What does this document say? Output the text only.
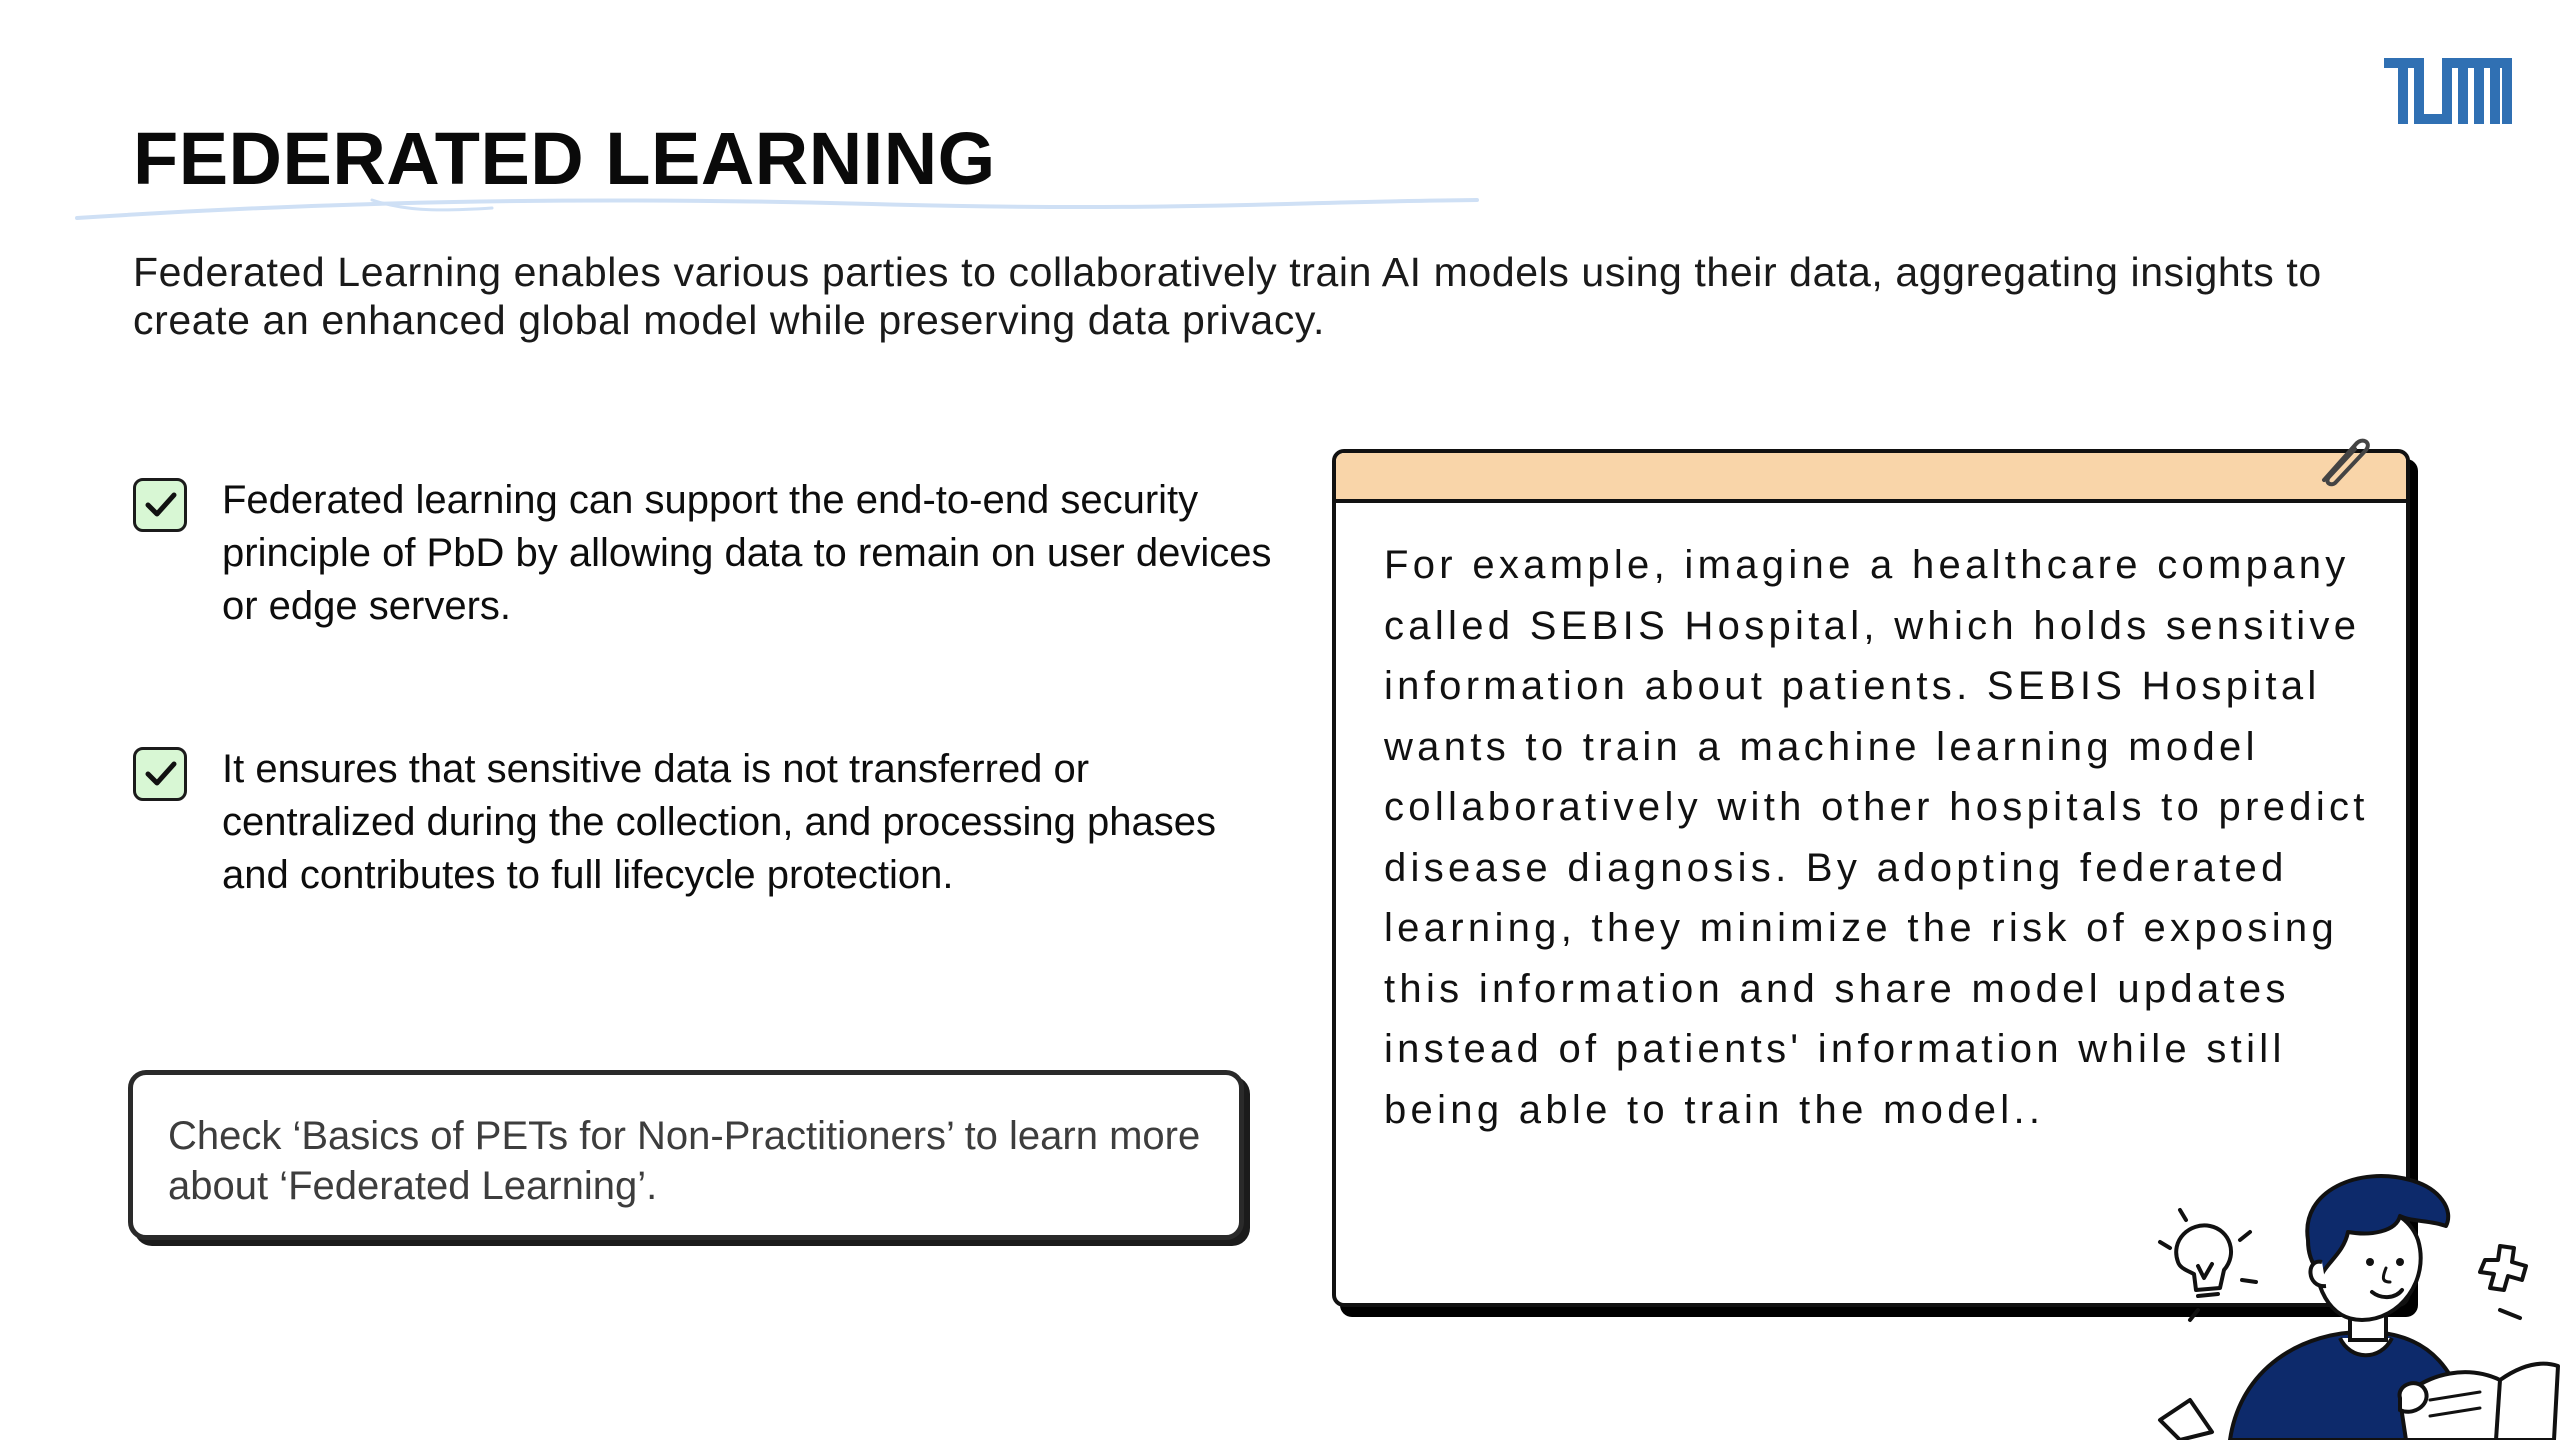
FEDERATED LEARNING

Federated Learning enables various parties to collaboratively train AI models using their data, aggregating insights to create an enhanced global model while preserving data privacy.

Federated learning can support the end-to-end security principle of PbD by allowing data to remain on user devices or edge servers.

It ensures that sensitive data is not transferred or centralized during the collection, and processing phases and contributes to full lifecycle protection.

Check ‘Basics of PETs for Non-Practitioners’ to learn more about ‘Federated Learning’.

For example, imagine a healthcare company called SEBIS Hospital, which holds sensitive information about patients. SEBIS Hospital wants to train a machine learning model collaboratively with other hospitals to predict disease diagnosis. By adopting federated learning, they minimize the risk of exposing this information and share model updates instead of patients' information while still being able to train the model..
